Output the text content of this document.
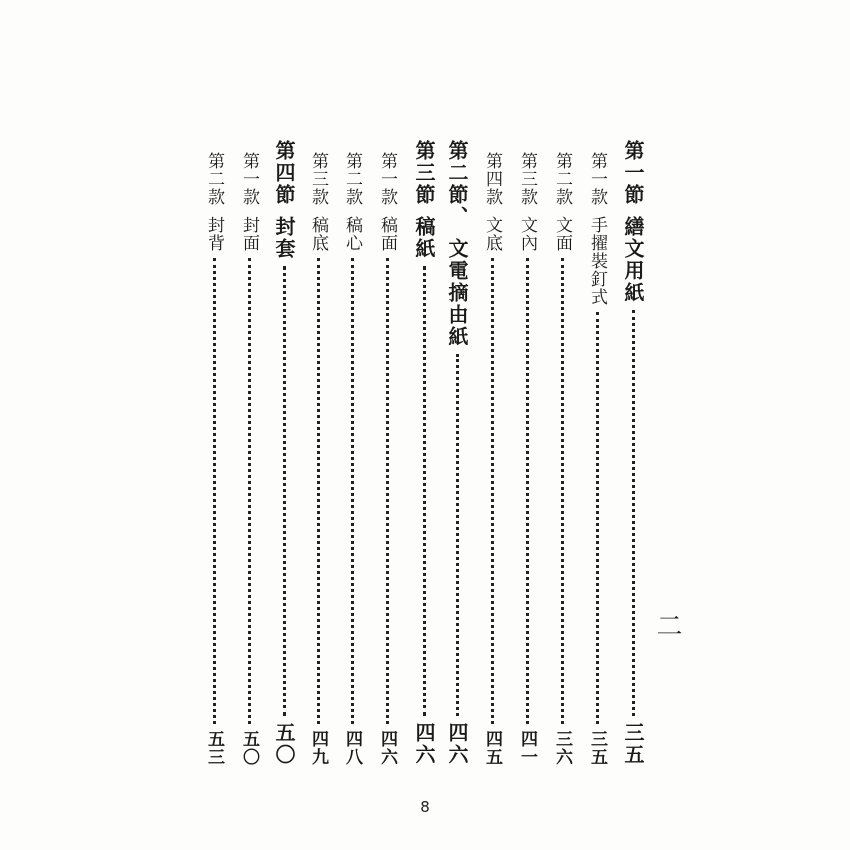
第一節
繕文用紙
三五
第一款
手擢裝釘式
三五
第二款
文面
三六
第三款
文內
四一
第四款
文底
四五
第二節、
文電摘由紙
四六
第三節
稿紙
四六
第一款
稿面
四六
第二款
稿心
四八
第三款
稿底
四九
第四節
封套
五〇
第一款
封面
五〇
第二款
封背
五三
二
8
